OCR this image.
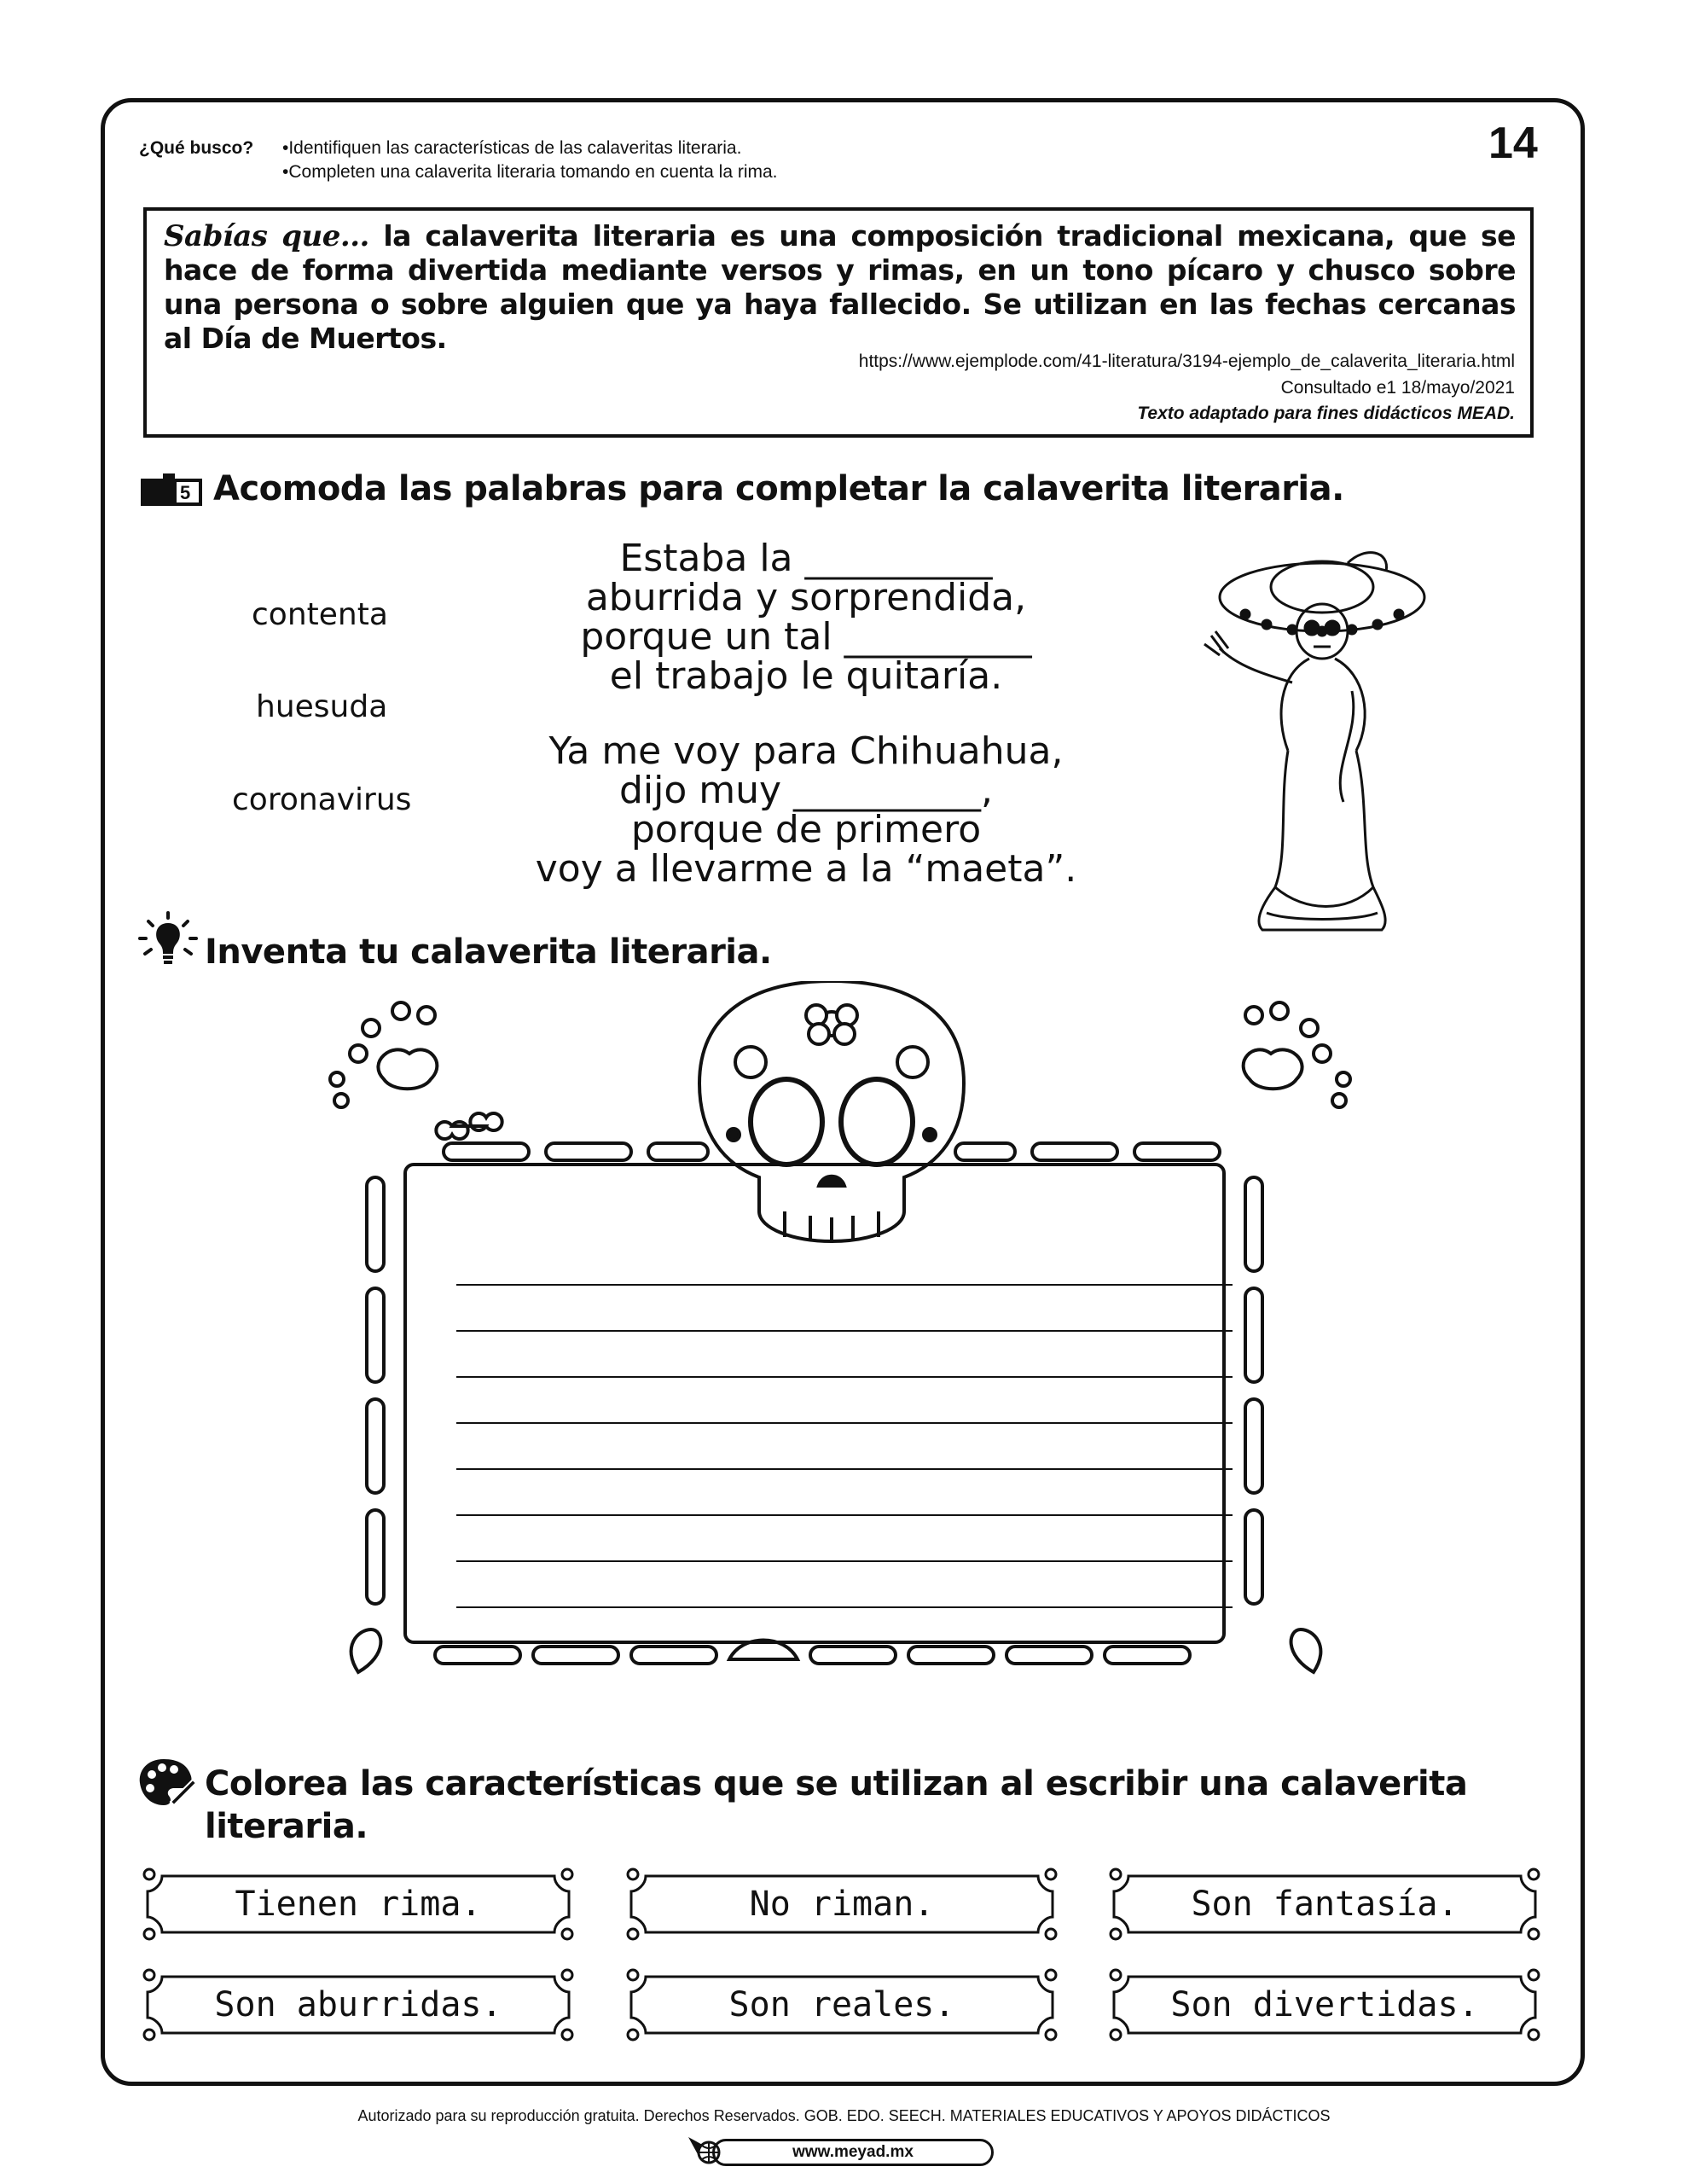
¿Qué busco? •Identifiquen las características de las calaveritas literaria.
•Completen una calaverita literaria tomando en cuenta la rima.
14
Sabías que... la calaverita literaria es una composición tradicional mexicana, que se hace de forma divertida mediante versos y rimas, en un tono pícaro y chusco sobre una persona o sobre alguien que ya haya fallecido. Se utilizan en las fechas cercanas al Día de Muertos.
https://www.ejemplode.com/41-literatura/3194-ejemplo_de_calaverita_literaria.html
Consultado e1 18/mayo/2021
Texto adaptado para fines didácticos MEAD.
5 Acomoda las palabras para completar la calaverita literaria.
contenta
huesuda
coronavirus
Estaba la __________
aburrida y sorprendida,
porque un tal __________
el trabajo le quitaría.
Ya me voy para Chihuahua,
dijo muy __________,
porque de primero
voy a llevarme a la “maeta”.
Inventa tu calaverita literaria.
Colorea las características que se utilizan al escribir una calaverita
literaria.
Tienen rima.	No riman.	Son fantasía.
Son aburridas.	Son reales.	Son divertidas.
Autorizado para su reproducción gratuita. Derechos Reservados. GOB. EDO. SEECH. MATERIALES EDUCATIVOS Y APOYOS DIDÁCTICOS
www.meyad.mx
